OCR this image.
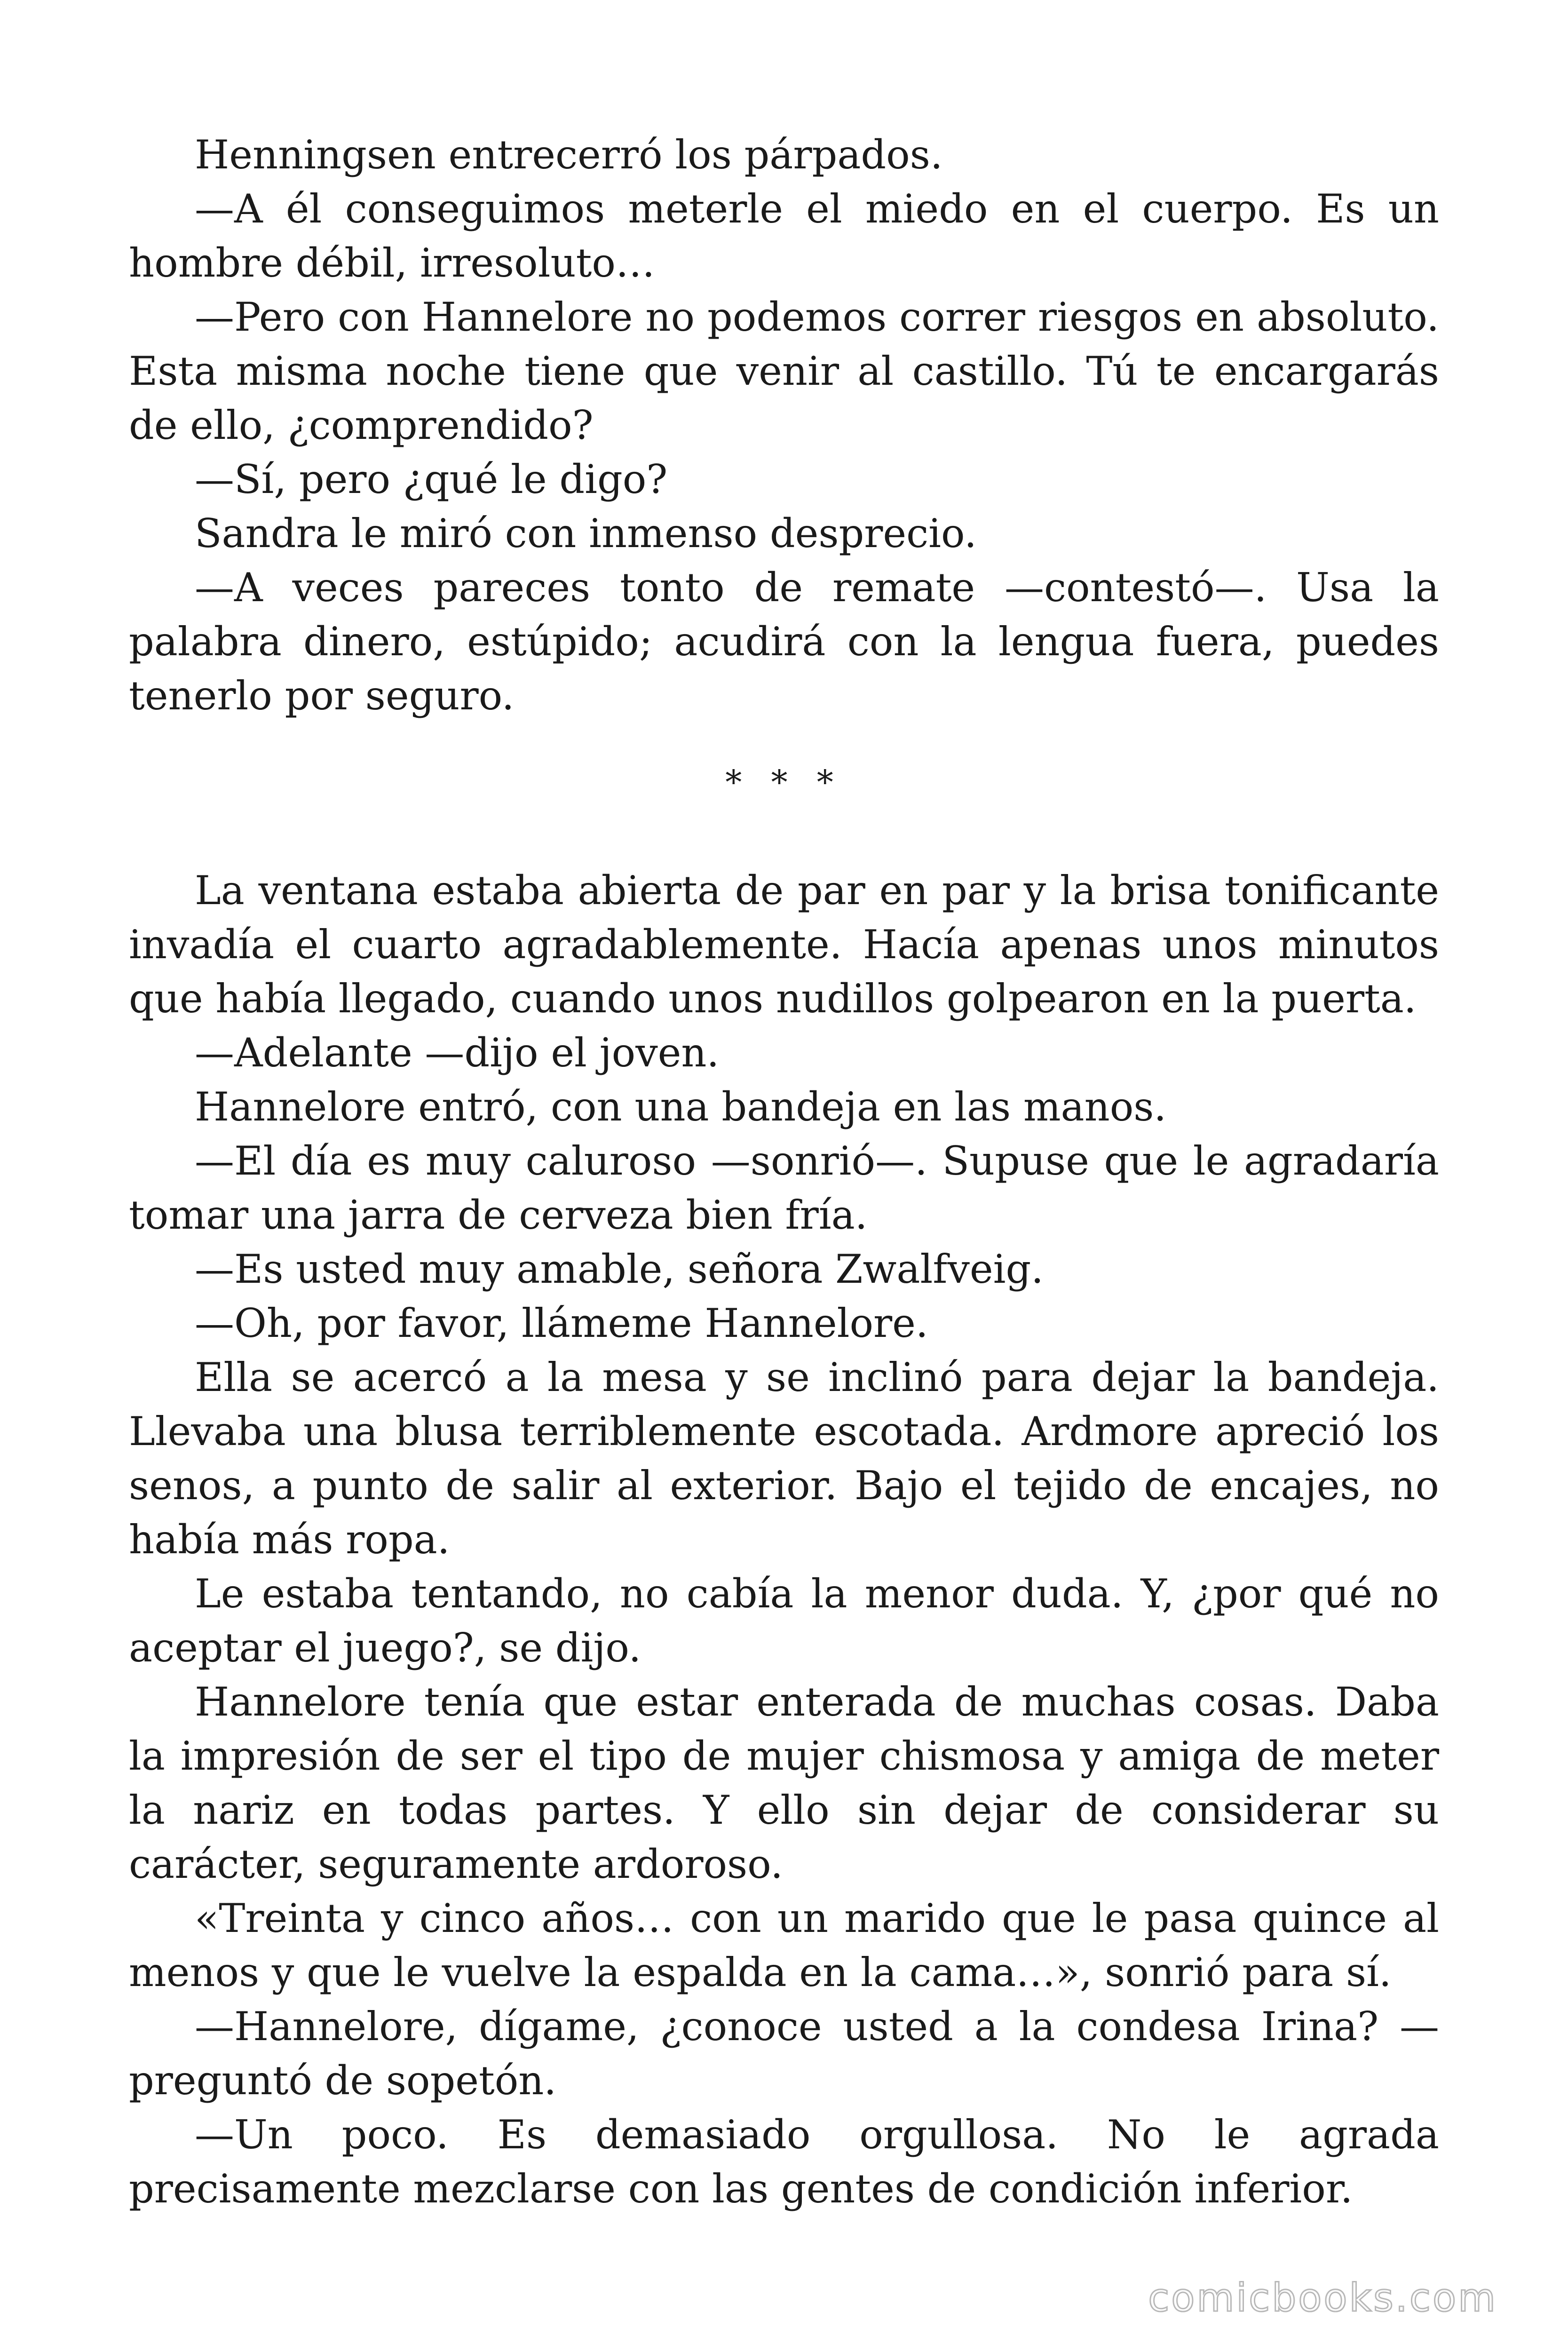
Henningsen entrecerró los párpados.

—A él conseguimos meterle el miedo en el cuerpo. Es un hombre débil, irresoluto…

—Pero con Hannelore no podemos correr riesgos en absoluto. Esta misma noche tiene que venir al castillo. Tú te encargarás de ello, ¿comprendido?

—Sí, pero ¿qué le digo?

Sandra le miró con inmenso desprecio.

—A veces pareces tonto de remate —contestó—. Usa la palabra dinero, estúpido; acudirá con la lengua fuera, puedes tenerlo por seguro.

* * *

La ventana estaba abierta de par en par y la brisa tonificante invadía el cuarto agradablemente. Hacía apenas unos minutos que había llegado, cuando unos nudillos golpearon en la puerta.

—Adelante —dijo el joven.

Hannelore entró, con una bandeja en las manos.

—El día es muy caluroso —sonrió—. Supuse que le agradaría tomar una jarra de cerveza bien fría.

—Es usted muy amable, señora Zwalfveig.

—Oh, por favor, llámeme Hannelore.

Ella se acercó a la mesa y se inclinó para dejar la bandeja. Llevaba una blusa terriblemente escotada. Ardmore apreció los senos, a punto de salir al exterior. Bajo el tejido de encajes, no había más ropa.

Le estaba tentando, no cabía la menor duda. Y, ¿por qué no aceptar el juego?, se dijo.

Hannelore tenía que estar enterada de muchas cosas. Daba la impresión de ser el tipo de mujer chismosa y amiga de meter la nariz en todas partes. Y ello sin dejar de considerar su carácter, seguramente ardoroso.

«Treinta y cinco años… con un marido que le pasa quince al menos y que le vuelve la espalda en la cama…», sonrió para sí.

—Hannelore, dígame, ¿conoce usted a la condesa Irina? —preguntó de sopetón.

—Un poco. Es demasiado orgullosa. No le agrada precisamente mezclarse con las gentes de condición inferior.

comicbooks.com
